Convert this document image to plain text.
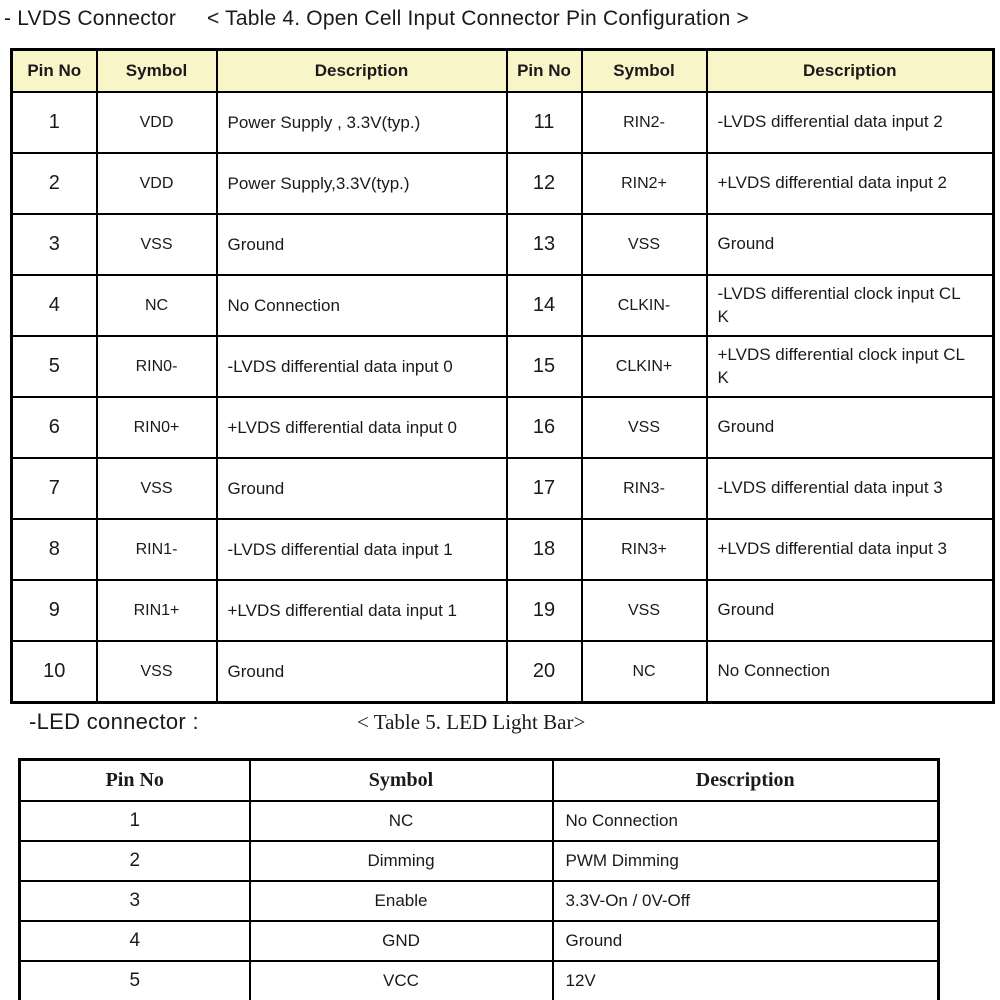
- LVDS Connector < Table 4. Open Cell Input Connector Pin Configuration >
Pin No	Symbol	Description	Pin No	Symbol	Description
1	VDD	Power Supply , 3.3V(typ.)	11	RIN2-	-LVDS differential data input 2

2	VDD	Power Supply,3.3V(typ.)	12	RIN2+	+LVDS differential data input 2

3	VSS	Ground	13	VSS	Ground

4	NC	No Connection	14	CLKIN-	-LVDS differential clock input CLK

5	RIN0-	-LVDS differential data input 0	15	CLKIN+	+LVDS differential clock input CLK

6	RIN0+	+LVDS differential data input 0	16	VSS	Ground

7	VSS	Ground	17	RIN3-	-LVDS differential data input 3

8	RIN1-	-LVDS differential data input 1	18	RIN3+	+LVDS differential data input 3

9	RIN1+	+LVDS differential data input 1	19	VSS	Ground

10	VSS	Ground	20	NC	No Connection
-LED connector :	< Table 5. LED Light Bar>
Pin No	Symbol	Description
1	NC	No Connection
2	Dimming	PWM Dimming
3	Enable	3.3V-On / 0V-Off
4	GND	Ground
5	VCC	12V
